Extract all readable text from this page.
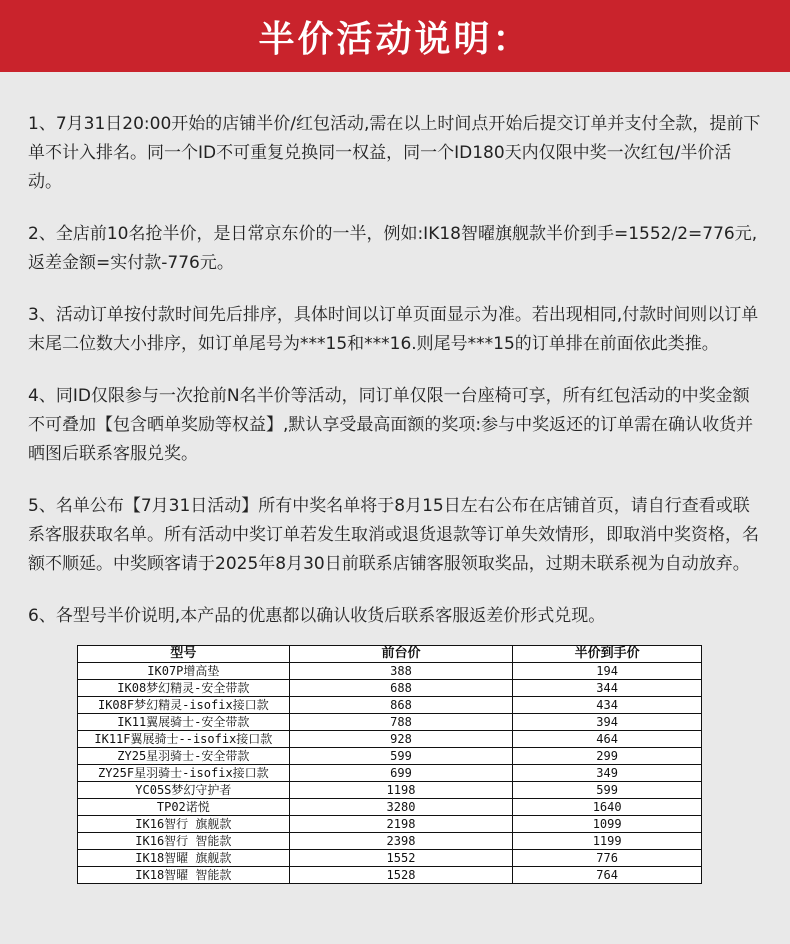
半价活动说明：

1、7月31日20:00开始的店铺半价/红包活动,需在以上时间点开始后提交订单并支付全款，提前下单不计入排名。同一个ID不可重复兑换同一权益，同一个ID180天内仅限中奖一次红包/半价活动。

2、全店前10名抢半价，是日常京东价的一半，例如:IK18智曜旗舰款半价到手=1552/2=776元,返差金额=实付款-776元。

3、活动订单按付款时间先后排序，具体时间以订单页面显示为准。若出现相同,付款时间则以订单末尾二位数大小排序，如订单尾号为***15和***16.则尾号***15的订单排在前面依此类推。

4、同ID仅限参与一次抢前N名半价等活动，同订单仅限一台座椅可享，所有红包活动的中奖金额不可叠加【包含晒单奖励等权益】,默认享受最高面额的奖项:参与中奖返还的订单需在确认收货并晒图后联系客服兑奖。

5、名单公布【7月31日活动】所有中奖名单将于8月15日左右公布在店铺首页，请自行查看或联系客服获取名单。所有活动中奖订单若发生取消或退货退款等订单失效情形，即取消中奖资格，名额不顺延。中奖顾客请于2025年8月30日前联系店铺客服领取奖品，过期未联系视为自动放弃。

6、各型号半价说明,本产品的优惠都以确认收货后联系客服返差价形式兑现。

型号	前台价	半价到手价
IK07P增高垫	388	194
IK08梦幻精灵-安全带款	688	344
IK08F梦幻精灵-isofix接口款	868	434
IK11翼展骑士-安全带款	788	394
IK11F翼展骑士--isofix接口款	928	464
ZY25星羽骑士-安全带款	599	299
ZY25F星羽骑士-isofix接口款	699	349
YC05S梦幻守护者	1198	599
TP02诺悦	3280	1640
IK16智行 旗舰款	2198	1099
IK16智行 智能款	2398	1199
IK18智曜 旗舰款	1552	776
IK18智曜 智能款	1528	764
